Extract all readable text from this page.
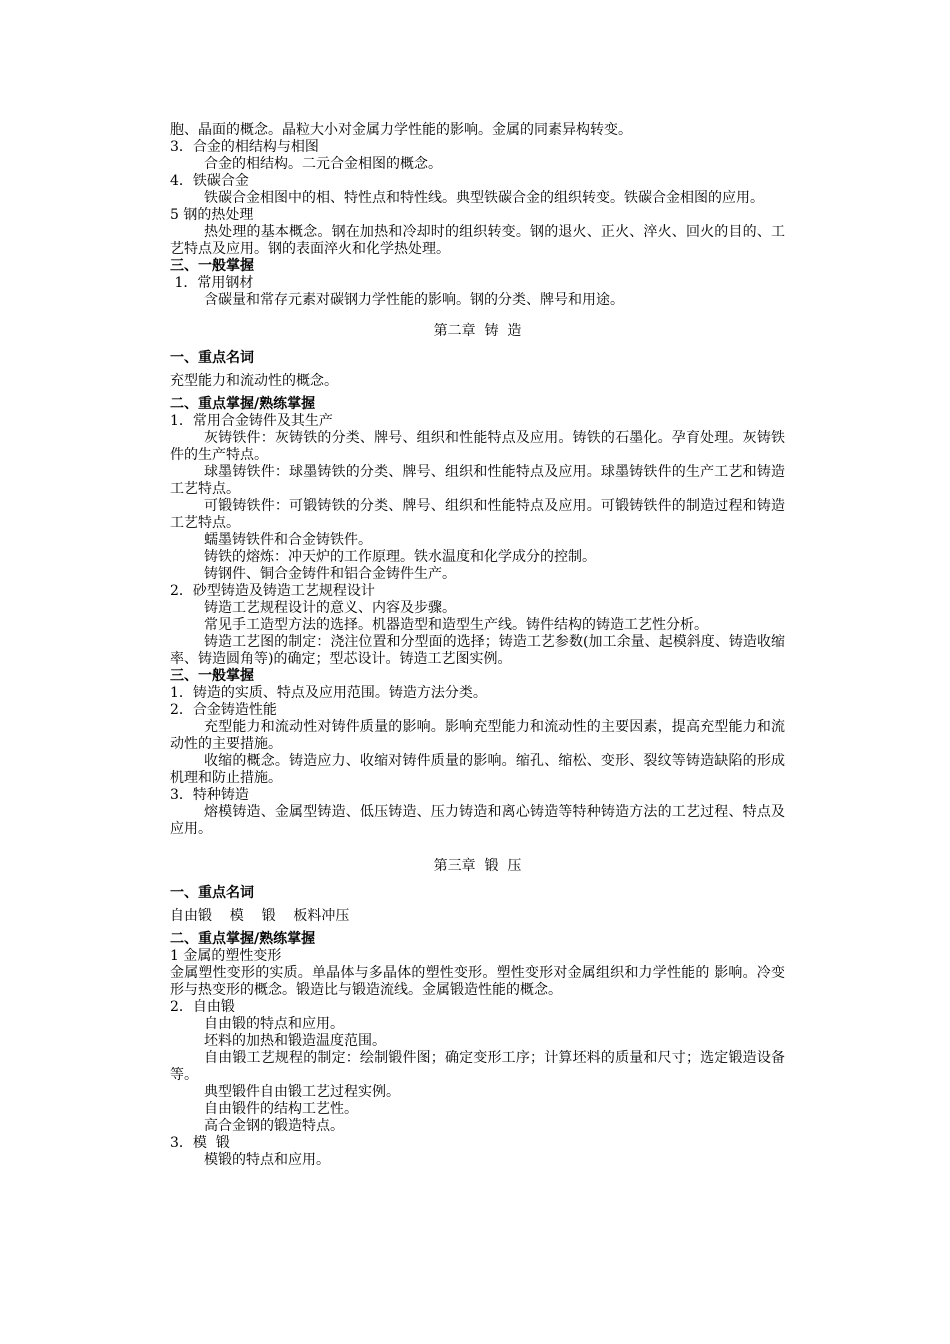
胞、晶面的概念。晶粒大小对金属力学性能的影响。金属的同素异构转变。
3．合金的相结构与相图
合金的相结构。二元合金相图的概念。
4．铁碳合金
铁碳合金相图中的相、特性点和特性线。典型铁碳合金的组织转变。铁碳合金相图的应用。
5 钢的热处理
热处理的基本概念。钢在加热和冷却时的组织转变。钢的退火、正火、淬火、回火的目的、工艺特点及应用。钢的表面淬火和化学热处理。
三、一般掌握
1．常用钢材
含碳量和常存元素对碳钢力学性能的影响。钢的分类、牌号和用途。
第二章  铸  造
一、重点名词
充型能力和流动性的概念。
二、重点掌握/熟练掌握
1．常用合金铸件及其生产
灰铸铁件：灰铸铁的分类、牌号、组织和性能特点及应用。铸铁的石墨化。孕育处理。灰铸铁件的生产特点。
球墨铸铁件：球墨铸铁的分类、牌号、组织和性能特点及应用。球墨铸铁件的生产工艺和铸造工艺特点。
可锻铸铁件：可锻铸铁的分类、牌号、组织和性能特点及应用。可锻铸铁件的制造过程和铸造工艺特点。
蠕墨铸铁件和合金铸铁件。
铸铁的熔炼：冲天炉的工作原理。铁水温度和化学成分的控制。
铸钢件、铜合金铸件和铝合金铸件生产。
2．砂型铸造及铸造工艺规程设计
铸造工艺规程设计的意义、内容及步骤。
常见手工造型方法的选择。机器造型和造型生产线。铸件结构的铸造工艺性分析。
铸造工艺图的制定：浇注位置和分型面的选择；铸造工艺参数(加工余量、起模斜度、铸造收缩率、铸造圆角等)的确定；型芯设计。铸造工艺图实例。
三、一般掌握
1．铸造的实质、特点及应用范围。铸造方法分类。
2．合金铸造性能
充型能力和流动性对铸件质量的影响。影响充型能力和流动性的主要因素，提高充型能力和流动性的主要措施。
收缩的概念。铸造应力、收缩对铸件质量的影响。缩孔、缩松、变形、裂纹等铸造缺陷的形成机理和防止措施。
3．特种铸造
熔模铸造、金属型铸造、低压铸造、压力铸造和离心铸造等特种铸造方法的工艺过程、特点及应用。
第三章  锻  压
一、重点名词
自由锻    模    锻    板料冲压
二、重点掌握/熟练掌握
1 金属的塑性变形
金属塑性变形的实质。单晶体与多晶体的塑性变形。塑性变形对金属组织和力学性能的 影响。冷变形与热变形的概念。锻造比与锻造流线。金属锻造性能的概念。
2．自由锻
自由锻的特点和应用。
坯料的加热和锻造温度范围。
自由锻工艺规程的制定：绘制锻件图；确定变形工序；计算坯料的质量和尺寸；选定锻造设备等。
典型锻件自由锻工艺过程实例。
自由锻件的结构工艺性。
高合金钢的锻造特点。
3．模  锻
模锻的特点和应用。
